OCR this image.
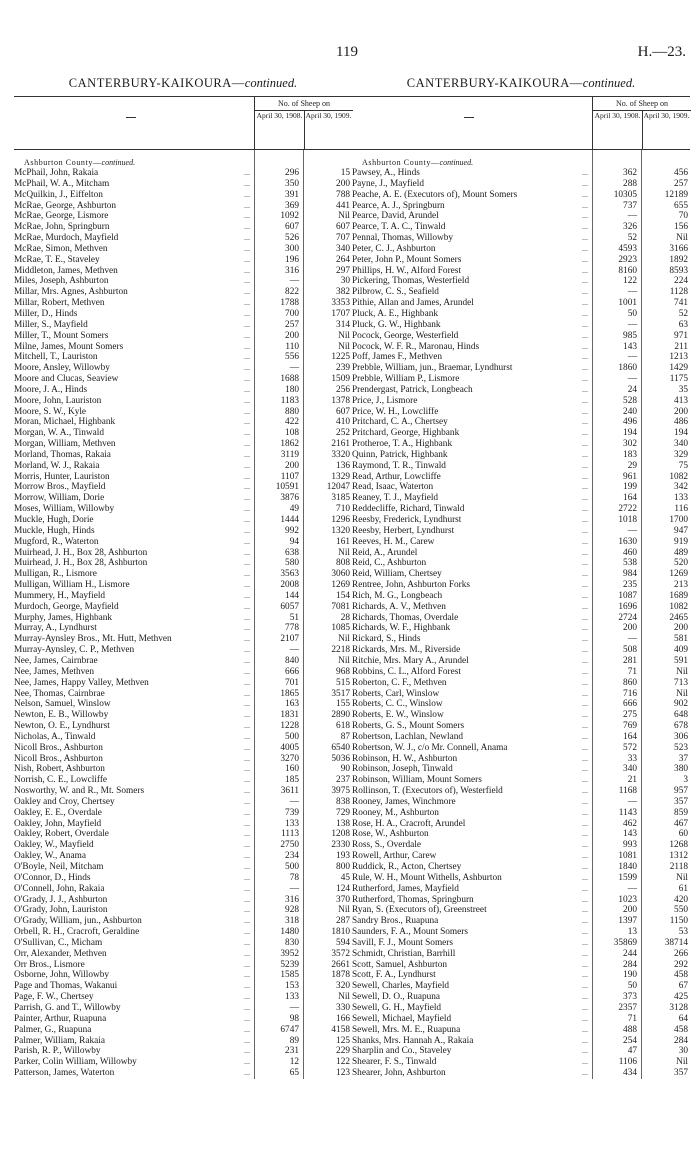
119	H.—23.
CANTERBURY-KAIKOURA—continued.
No. of Sheep on
April 30, 1908. April 30, 1909.
Ashburton County—continued.
McPhail, John, Rakaia	...	296	15
McPhail, W. A., Mitcham	...	350	200
McQuilkin, J., Eiffelton	...	391	788
McRae, George, Ashburton	...	369	441
McRae, George, Lismore	...	1092	Nil
McRae, John, Springburn	...	607	607
McRae, Murdoch, Mayfield	...	526	707
McRae, Simon, Methven	...	300	340
McRae, T. E., Staveley	...	196	264
Middleton, James, Methven	...	316	297
Miles, Joseph, Ashburton	...	—	30
Millar, Mrs. Agnes, Ashburton	...	822	382
Millar, Robert, Methven	...	1788	3353
Miller, D., Hinds	...	700	1707
Miller, S., Mayfield	...	257	314
Miller, T., Mount Somers	...	200	Nil
Milne, James, Mount Somers	...	110	Nil
Mitchell, T., Lauriston	...	556	1225
Moore, Ansley, Willowby	...	—	239
Moore and Clucas, Seaview	...	1688	1509
Moore, J. A., Hinds	...	180	256
Moore, John, Lauriston	...	1183	1378
Moore, S. W., Kyle	...	880	607
Moran, Michael, Highbank	...	422	410
Morgan, W. A., Tinwald	...	108	252
Morgan, William, Methven	...	1862	2161
Morland, Thomas, Rakaia	...	3119	3320
Morland, W. J., Rakaia	...	200	136
Morris, Hunter, Lauriston	...	1107	1329
Morrow Bros., Mayfield	...	10591	12047
Morrow, William, Dorie	...	3876	3185
Moses, William, Willowby	...	49	710
Muckle, Hugh, Dorie	...	1444	1296
Muckle, Hugh, Hinds	...	992	1320
Mugford, R., Waterton	...	94	161
Muirhead, J. H., Box 28, Ashburton	...	638	Nil
Muirhead, J. H., Box 28, Ashburton	...	580	808
Mulligan, R., Lismore	...	3563	3060
Mulligan, William H., Lismore	...	2008	1269
Mummery, H., Mayfield	...	144	154
Murdoch, George, Mayfield	...	6057	7081
Murphy, James, Highbank	...	51	28
Murray, A., Lyndhurst	...	778	1085
Murray-Aynsley Bros., Mt. Hutt, Methven	...	2107	Nil
Murray-Aynsley, C. P., Methven	...	—	2218
Nee, James, Cairnbrae	...	840	Nil
Nee, James, Methven	...	666	968
Nee, James, Happy Valley, Methven	...	701	515
Nee, Thomas, Cairnbrae	...	1865	3517
Nelson, Samuel, Winslow	...	163	155
Newton, E. B., Willowby	...	1831	2890
Newton, O. E., Lyndhurst	...	1228	618
Nicholas, A., Tinwald	...	500	87
Nicoll Bros., Ashburton	...	4005	6540
Nicoll Bros., Ashburton	...	3270	5036
Nish, Robert, Ashburton	...	160	90
Norrish, C. E., Lowcliffe	...	185	237
Nosworthy, W. and R., Mt. Somers	...	3611	3975
Oakley and Croy, Chertsey	...	—	838
Oakley, E. E., Overdale	...	739	729
Oakley, John, Mayfield	...	133	138
Oakley, Robert, Overdale	...	1113	1208
Oakley, W., Mayfield	...	2750	2330
Oakley, W., Anama	...	234	193
O'Boyle, Neil, Mitcham	...	500	800
O'Connor, D., Hinds	...	78	45
O'Connell, John, Rakaia	...	—	124
O'Grady, J. J., Ashburton	...	316	370
O'Grady, John, Lauriston	...	928	Nil
O'Grady, William, jun., Ashburton	...	318	287
Orbell, R. H., Cracroft, Geraldine	...	1480	1810
O'Sullivan, C., Micham	...	830	594
Orr, Alexander, Methven	...	3952	3572
Orr Bros., Lismore	...	5239	2661
Osborne, John, Willowby	...	1585	1878
Page and Thomas, Wakanui	...	153	320
Page, F. W., Chertsey	...	133	Nil
Parrish, G. and T., Willowby	...	—	330
Painter, Arthur, Ruapuna	...	98	166
Palmer, G., Ruapuna	...	6747	4158
Palmer, William, Rakaia	...	89	125
Parish, R. P., Willowby	...	231	229
Parker, Colin William, Willowby	...	12	122
Patterson, James, Waterton	...	65	123
CANTERBURY-KAIKOURA—continued.
No. of Sheep on
April 30, 1908. April 30, 1909.
Ashburton County—continued.
Pawsey, A., Hinds	...	362	456
Payne, J., Mayfield	...	288	257
Peache, A. E. (Executors of), Mount Somers	...	10305	12189
Pearce, A. J., Springburn	...	737	655
Pearce, David, Arundel	...	—	70
Pearce, T. A. C., Tinwald	...	326	156
Pennal, Thomas, Willowby	...	52	Nil
Peter, C. J., Ashburton	...	4593	3166
Peter, John P., Mount Somers	...	2923	1892
Phillips, H. W., Alford Forest	...	8160	8593
Pickering, Thomas, Westerfield	...	122	224
Pilbrow, C. S., Seafield	...	—	1128
Pithie, Allan and James, Arundel	...	1001	741
Pluck, A. E., Highbank	...	50	52
Pluck, G. W., Highbank	...	—	63
Pocock, George, Westerfield	...	985	971
Pocock, W. F. R., Maronau, Hinds	...	143	211
Poff, James F., Methven	...	—	1213
Prebble, William, jun., Braemar, Lyndhurst	...	1860	1429
Prebble, William P., Lismore	...	—	1175
Prendergast, Patrick, Longbeach	...	24	35
Price, J., Lismore	...	528	413
Price, W. H., Lowcliffe	...	240	200
Pritchard, C. A., Chertsey	...	496	486
Pritchard, George, Highbank	...	194	194
Protheroe, T. A., Highbank	...	302	340
Quinn, Patrick, Highbank	...	183	329
Raymond, T. R., Tinwald	...	29	75
Read, Arthur, Lowcliffe	...	961	1082
Read, Isaac, Waterton	...	199	342
Reaney, T. J., Mayfield	...	164	133
Reddecliffe, Richard, Tinwald	...	2722	116
Reesby, Frederick, Lyndhurst	...	1018	1700
Reesby, Herbert, Lyndhurst	...	—	947
Reeves, H. M., Carew	...	1630	919
Reid, A., Arundel	...	460	489
Reid, C., Ashburton	...	538	520
Reid, William, Chertsey	...	984	1269
Rentree, John, Ashburton Forks	...	235	213
Rich, M. G., Longbeach	...	1087	1689
Richards, A. V., Methven	...	1696	1082
Richards, Thomas, Overdale	...	2724	2465
Richards, W. F., Highbank	...	200	200
Rickard, S., Hinds	...	—	581
Rickards, Mrs. M., Riverside	...	508	409
Ritchie, Mrs. Mary A., Arundel	...	281	591
Robbins, C. L., Alford Forest	...	71	Nil
Roberton, C. F., Methven	...	860	713
Roberts, Carl, Winslow	...	716	Nil
Roberts, C. C., Winslow	...	666	902
Roberts, E. W., Winslow	...	275	648
Roberts, G. S., Mount Somers	...	769	678
Robertson, Lachlan, Newland	...	164	306
Robertson, W. J., c/o Mr. Connell, Anama	...	572	523
Robinson, H. W., Ashburton	...	33	37
Robinson, Joseph, Tinwald	...	340	380
Robinson, William, Mount Somers	...	21	3
Rollinson, T. (Executors of), Westerfield	...	1168	957
Rooney, James, Winchmore	...	—	357
Rooney, M., Ashburton	...	1143	859
Rose, H. A., Cracroft, Arundel	...	462	467
Rose, W., Ashburton	...	143	60
Ross, S., Overdale	...	993	1268
Rowell, Arthur, Carew	...	1081	1312
Ruddick, R., Acton, Chertsey	...	1840	2118
Rule, W. H., Mount Withells, Ashburton	...	1599	Nil
Rutherford, James, Mayfield	...	—	61
Rutherford, Thomas, Springburn	...	1023	420
Ryan, S. (Executors of), Greenstreet	...	200	550
Sandry Bros., Ruapuna	...	1397	1150
Saunders, F. A., Mount Somers	...	13	53
Savill, F. J., Mount Somers	...	35869	38714
Schmidt, Christian, Barrhill	...	244	266
Scott, Samuel, Ashburton	...	284	292
Scott, F. A., Lyndhurst	...	190	458
Sewell, Charles, Mayfield	...	50	67
Sewell, D. O., Ruapuna	...	373	425
Sewell, G. H., Mayfield	...	2357	3128
Sewell, Michael, Mayfield	...	71	64
Sewell, Mrs. M. E., Ruapuna	...	488	458
Shanks, Mrs. Hannah A., Rakaia	...	254	284
Sharplin and Co., Staveley	...	47	30
Shearer, F. S., Tinwald	...	1106	Nil
Shearer, John, Ashburton	...	434	357
